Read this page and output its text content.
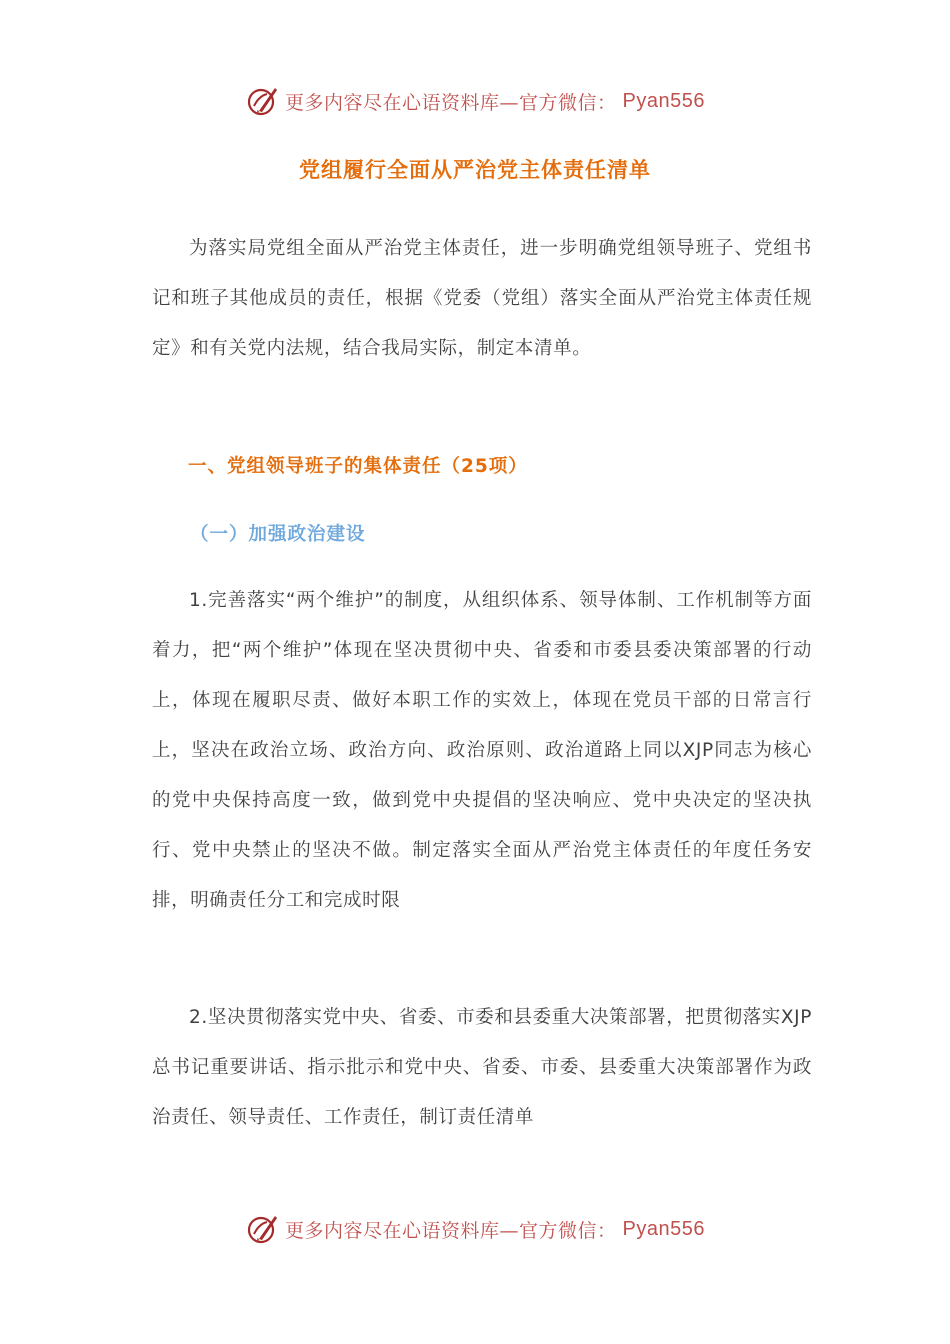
更多内容尽在心语资料库—官方微信： Pyan556
党组履行全面从严治党主体责任清单

为落实局党组全面从严治党主体责任，进一步明确党组领导班子、党组书记和班子其他成员的责任，根据《党委（党组）落实全面从严治党主体责任规定》和有关党内法规，结合我局实际，制定本清单。

一、党组领导班子的集体责任（25项）
（一）加强政治建设

1.完善落实“两个维护”的制度，从组织体系、领导体制、工作机制等方面着力，把“两个维护”体现在坚决贯彻中央、省委和市委县委决策部署的行动上，体现在履职尽责、做好本职工作的实效上，体现在党员干部的日常言行上，坚决在政治立场、政治方向、政治原则、政治道路上同以XJP同志为核心的党中央保持高度一致，做到党中央提倡的坚决响应、党中央决定的坚决执行、党中央禁止的坚决不做。制定落实全面从严治党主体责任的年度任务安排，明确责任分工和完成时限

2.坚决贯彻落实党中央、省委、市委和县委重大决策部署，把贯彻落实XJP总书记重要讲话、指示批示和党中央、省委、市委、县委重大决策部署作为政治责任、领导责任、工作责任，制订责任清单

更多内容尽在心语资料库—官方微信： Pyan556
